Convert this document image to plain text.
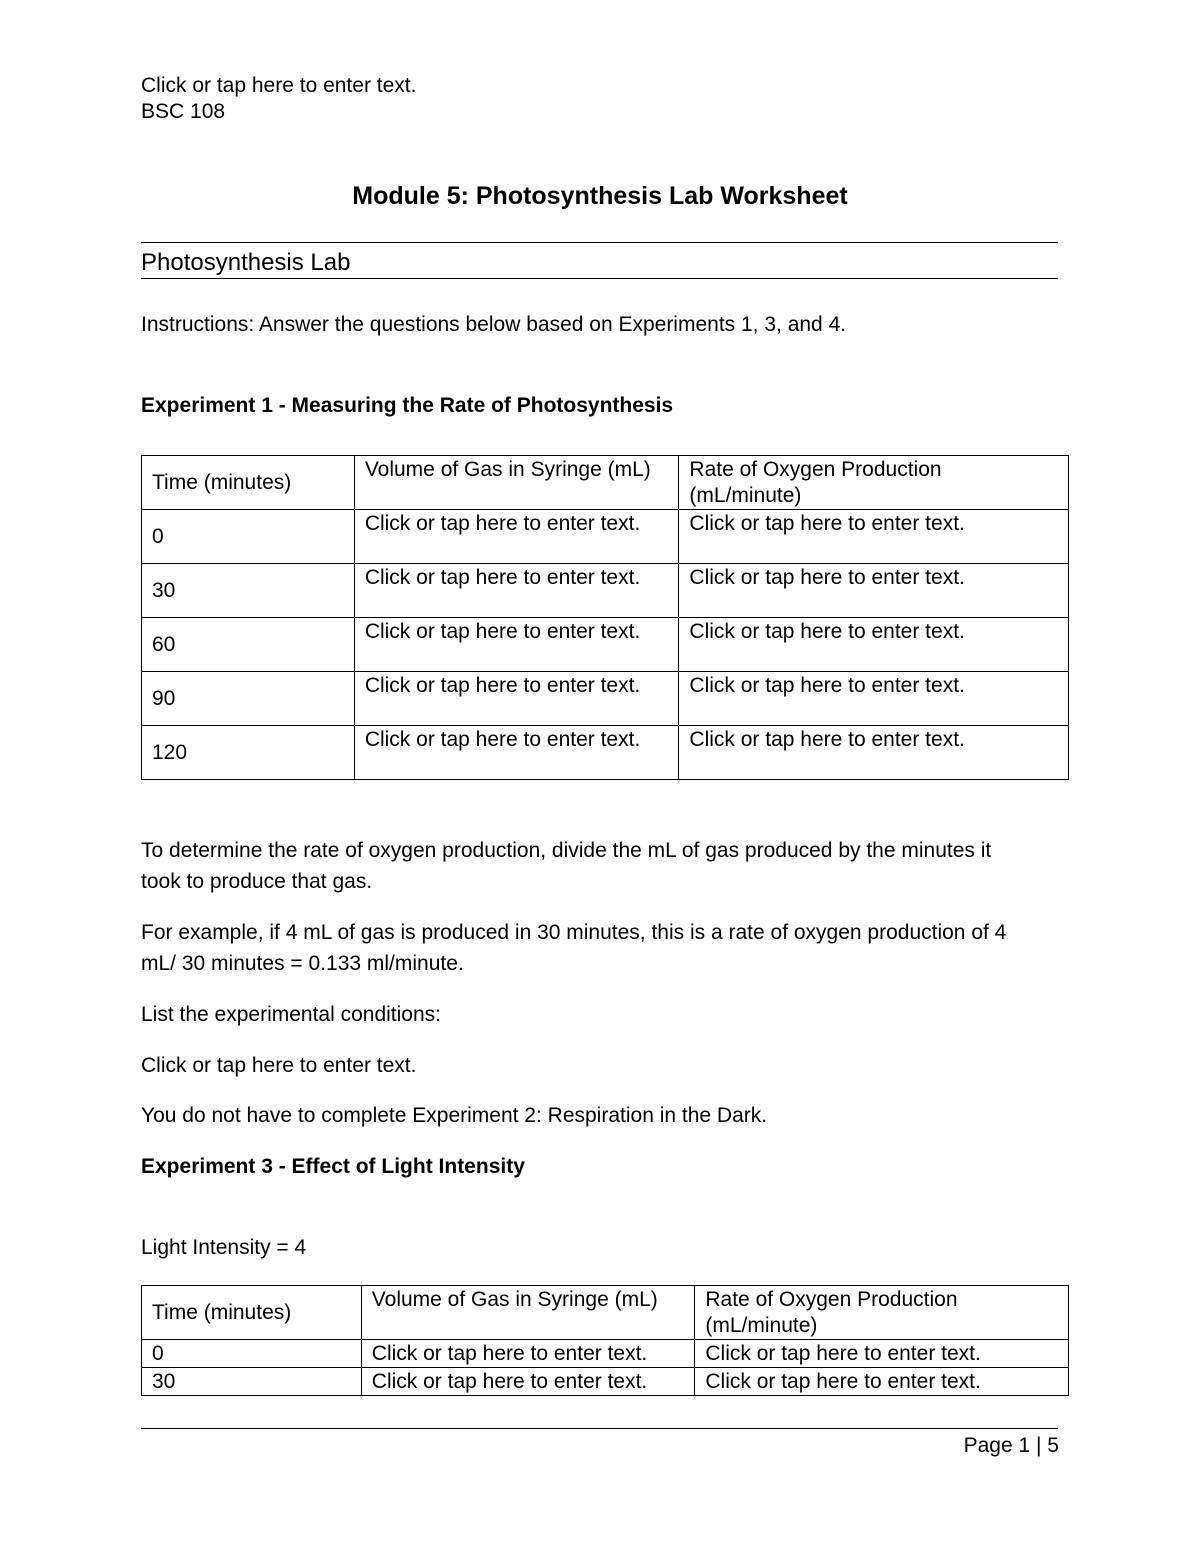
Click or tap here to enter text.
BSC 108
Module 5: Photosynthesis Lab Worksheet
Photosynthesis Lab
Instructions: Answer the questions below based on Experiments 1, 3, and 4.
Experiment 1 - Measuring the Rate of Photosynthesis
Time (minutes)	Volume of Gas in Syringe (mL)	Rate of Oxygen Production (mL/minute)
0	Click or tap here to enter text.	Click or tap here to enter text.
30	Click or tap here to enter text.	Click or tap here to enter text.
60	Click or tap here to enter text.	Click or tap here to enter text.
90	Click or tap here to enter text.	Click or tap here to enter text.
120	Click or tap here to enter text.	Click or tap here to enter text.
To determine the rate of oxygen production, divide the mL of gas produced by the minutes it took to produce that gas.
For example, if 4 mL of gas is produced in 30 minutes, this is a rate of oxygen production of 4 mL/ 30 minutes = 0.133 ml/minute.
List the experimental conditions:
Click or tap here to enter text.
You do not have to complete Experiment 2: Respiration in the Dark.
Experiment 3 - Effect of Light Intensity
Light Intensity = 4
Time (minutes)	Volume of Gas in Syringe (mL)	Rate of Oxygen Production (mL/minute)
0	Click or tap here to enter text.	Click or tap here to enter text.
30	Click or tap here to enter text.	Click or tap here to enter text.
Page 1 | 5
